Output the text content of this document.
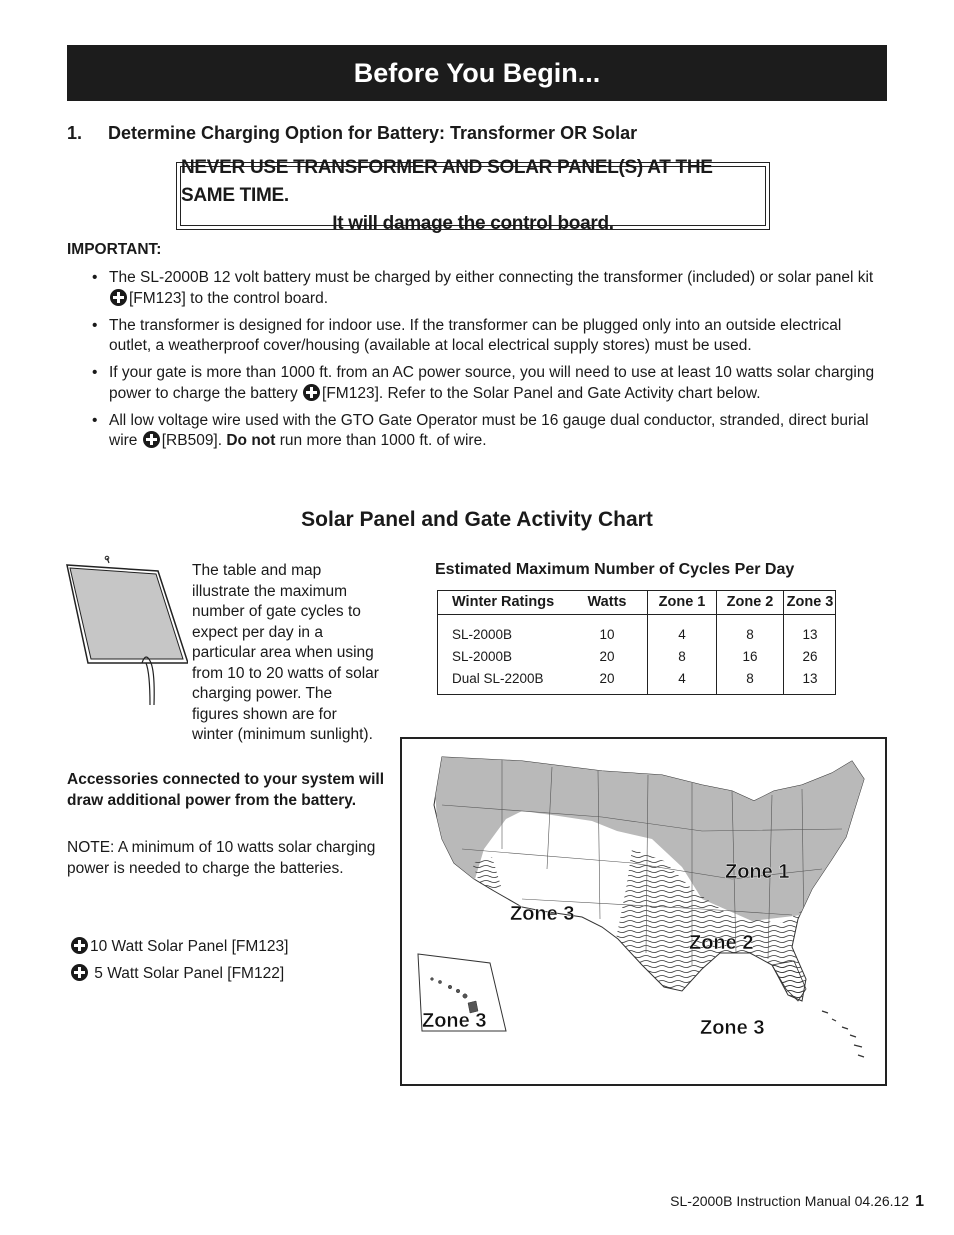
Before You Begin...
1. Determine Charging Option for Battery: Transformer OR Solar
NEVER USE TRANSFORMER AND SOLAR PANEL(S) AT THE SAME TIME.
It will damage the control board.
IMPORTANT:
• The SL-2000B 12 volt battery must be charged by either connecting the transformer (included) or solar panel kit [FM123] to the control board.
• The transformer is designed for indoor use. If the transformer can be plugged only into an outside electrical outlet, a weatherproof cover/housing (available at local electrical supply stores) must be used.
• If your gate is more than 1000 ft. from an AC power source, you will need to use at least 10 watts solar charging power to charge the battery [FM123]. Refer to the Solar Panel and Gate Activity chart below.
• All low voltage wire used with the GTO Gate Operator must be 16 gauge dual conductor, stranded, direct burial wire [RB509]. Do not run more than 1000 ft. of wire.
Solar Panel and Gate Activity Chart
The table and map illustrate the maximum number of gate cycles to expect per day in a particular area when using from 10 to 20 watts of solar charging power. The figures shown are for winter (minimum sunlight).
Accessories connected to your system will draw additional power from the battery.
NOTE: A minimum of 10 watts solar charging power is needed to charge the batteries.
10 Watt Solar Panel [FM123]
5 Watt Solar Panel [FM122]
Estimated Maximum Number of Cycles Per Day
Winter Ratings	Watts	Zone 1	Zone 2	Zone 3
SL-2000B	10	4	8	13
SL-2000B	20	8	16	26
Dual SL-2200B	20	4	8	13
Zone 3
Zone 1
Zone 2
Zone 3	Zone 3
SL-2000B Instruction Manual 04.26.12 1
